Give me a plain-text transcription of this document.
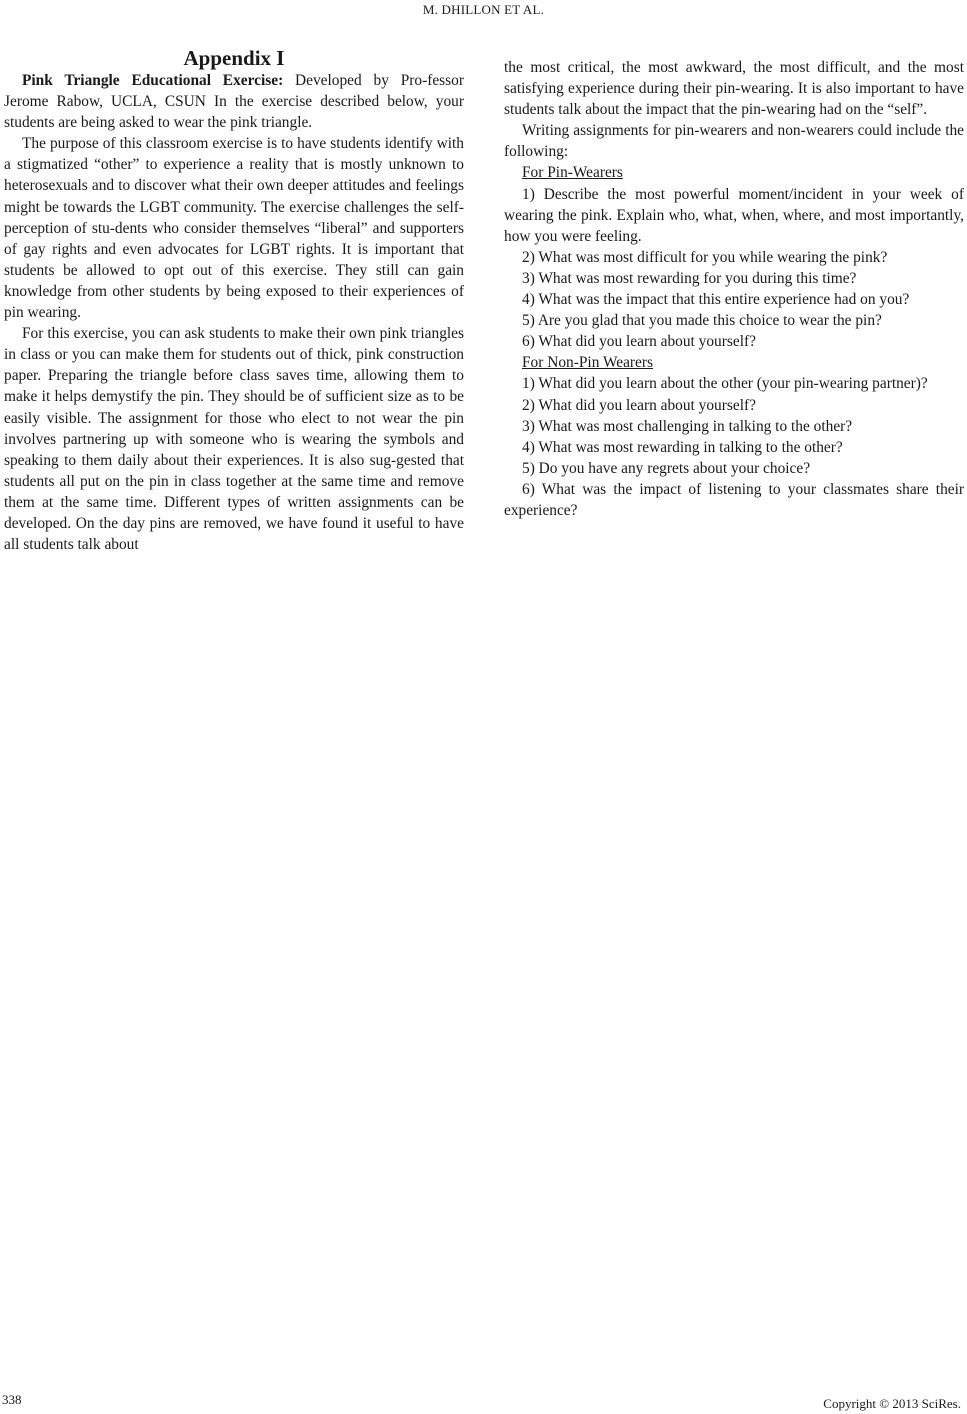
M. DHILLON ET AL.

Appendix I

Pink Triangle Educational Exercise: Developed by Pro-fessor Jerome Rabow, UCLA, CSUN In the exercise described below, your students are being asked to wear the pink triangle.

The purpose of this classroom exercise is to have students identify with a stigmatized “other” to experience a reality that is mostly unknown to heterosexuals and to discover what their own deeper attitudes and feelings might be towards the LGBT community. The exercise challenges the self-perception of stu-dents who consider themselves “liberal” and supporters of gay rights and even advocates for LGBT rights. It is important that students be allowed to opt out of this exercise. They still can gain knowledge from other students by being exposed to their experiences of pin wearing.

For this exercise, you can ask students to make their own pink triangles in class or you can make them for students out of thick, pink construction paper. Preparing the triangle before class saves time, allowing them to make it helps demystify the pin. They should be of sufficient size as to be easily visible. The assignment for those who elect to not wear the pin involves partnering up with someone who is wearing the symbols and speaking to them daily about their experiences. It is also sug-gested that students all put on the pin in class together at the same time and remove them at the same time. Different types of written assignments can be developed. On the day pins are removed, we have found it useful to have all students talk about

the most critical, the most awkward, the most difficult, and the most satisfying experience during their pin-wearing. It is also important to have students talk about the impact that the pin-wearing had on the “self”.

Writing assignments for pin-wearers and non-wearers could include the following:

For Pin-Wearers

1) Describe the most powerful moment/incident in your week of wearing the pink. Explain who, what, when, where, and most importantly, how you were feeling.

2) What was most difficult for you while wearing the pink?

3) What was most rewarding for you during this time?

4) What was the impact that this entire experience had on you?

5) Are you glad that you made this choice to wear the pin?

6) What did you learn about yourself?

For Non-Pin Wearers

1) What did you learn about the other (your pin-wearing partner)?

2) What did you learn about yourself?

3) What was most challenging in talking to the other?

4) What was most rewarding in talking to the other?

5) Do you have any regrets about your choice?

6) What was the impact of listening to your classmates share their experience?

338	Copyright © 2013 SciRes.
